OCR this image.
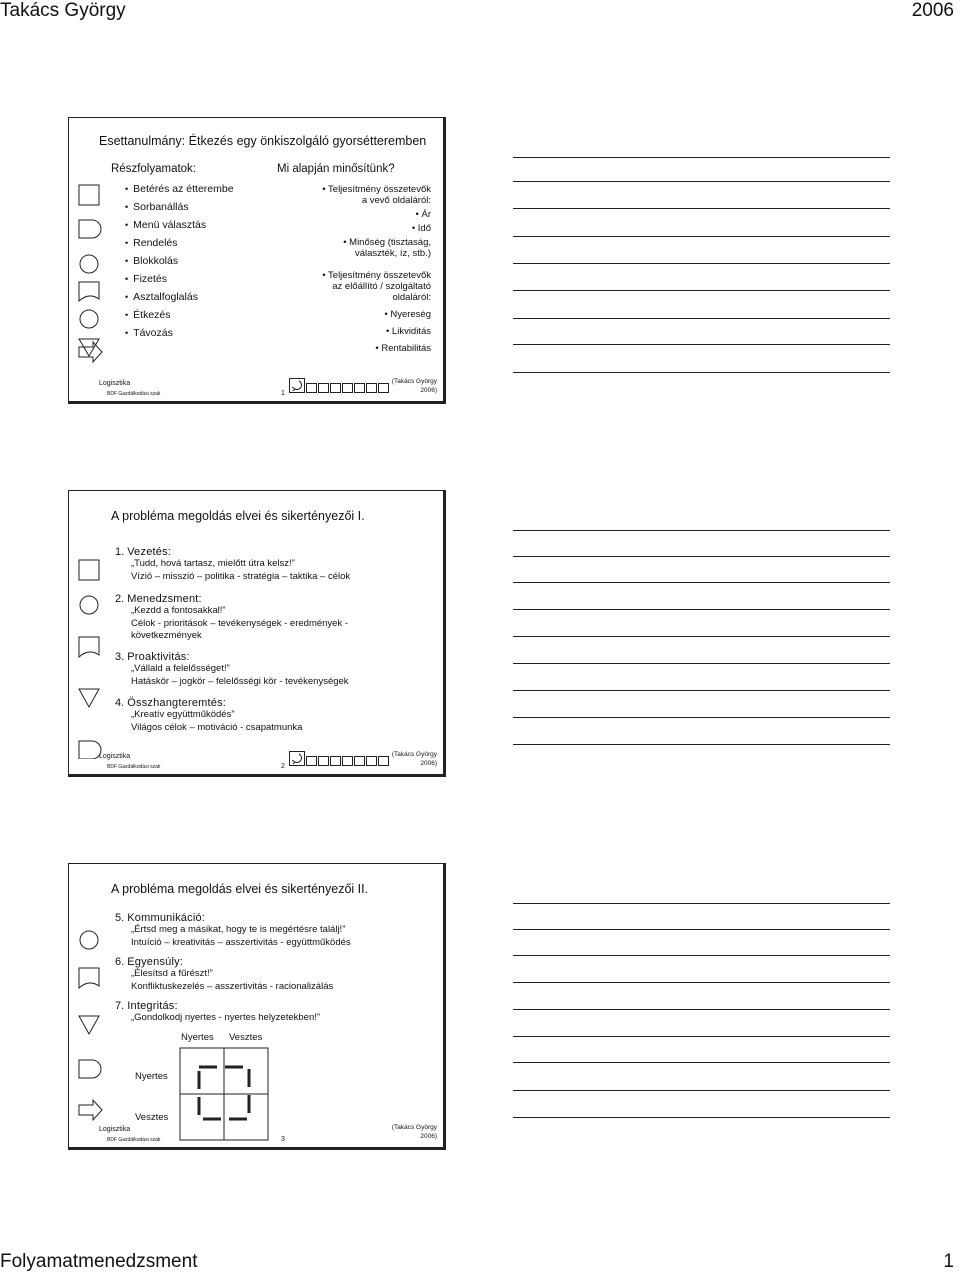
Takács György	2006
Folyamatmenedzsment	1
Esettanulmány: Étkezés egy önkiszolgáló gyorsétteremben
Részfolyamatok:
• Betérés az étterembe
• Sorbanállás
• Menü választás
• Rendelés
• Blokkolás
• Fizetés
• Asztalfoglalás
• Étkezés
• Távozás
Mi alapján minősítünk?
• Teljesítmény összetevők
a vevő oldaláról:
• Ár
• Idő
• Minőség (tisztaság,
választék, íz, stb.)
• Teljesítmény összetevők
az előállító / szolgáltató
oldaláról:
• Nyereség
• Likviditás
• Rentabilitás
Logisztika
BDF Gazdálkodási szak	1
(Takács György
2006)
A probléma megoldás elvei és sikertényezői I.
1. Vezetés:
„Tudd, hová tartasz, mielőtt útra kelsz!”
Vízió – misszió – politika - stratégia – taktika – célok
2. Menedzsment:
„Kezdd a fontosakkal!”
Célok - prioritások – tevékenységek - eredmények -
következmények
3. Proaktivitás:
„Vállald a felelősséget!”
Hatáskör – jogkör – felelősségi kör - tevékenységek
4. Összhangteremtés:
„Kreatív együttműködés”
Világos célok – motiváció - csapatmunka
Logisztika
BDF Gazdálkodási szak	2
(Takács György
2006)
A probléma megoldás elvei és sikertényezői II.
5. Kommunikáció:
„Értsd meg a másikat, hogy te is megértésre találj!”
Intuíció – kreativitás – asszertivitás - együttműködés
6. Egyensúly:
„Élesítsd a fűrészt!”
Konfliktuskezelés – asszertivitás - racionalizálás
7. Integritás:
„Gondolkodj nyertes - nyertes helyzetekben!”
Nyertes Vesztes
Nyertes
Vesztes
Logisztika
BDF Gazdálkodási szak	3
(Takács György
2006)
